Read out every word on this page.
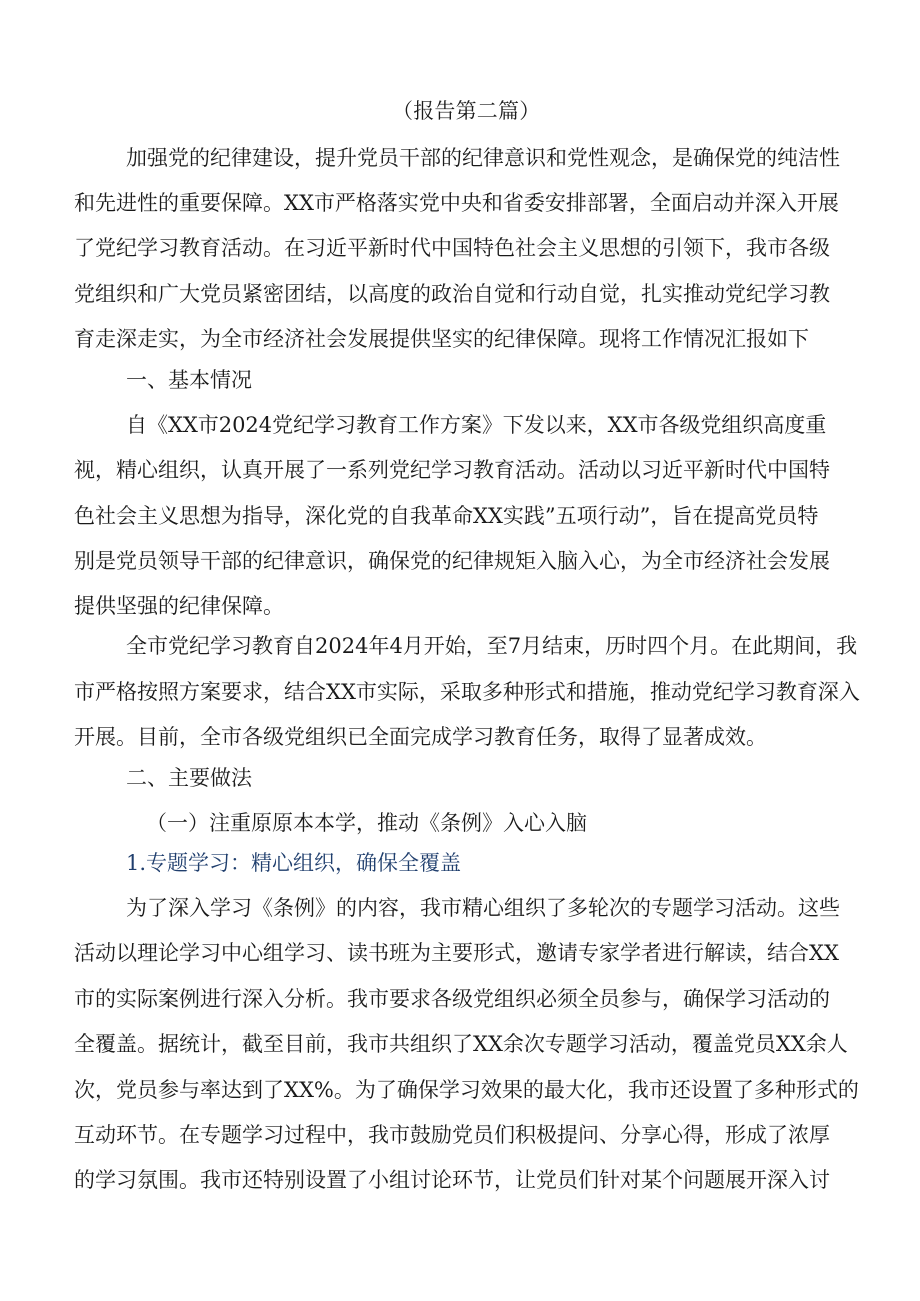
（报告第二篇）
加强党的纪律建设，提升党员干部的纪律意识和党性观念，是确保党的纯洁性
和先进性的重要保障。XX市严格落实党中央和省委安排部署，全面启动并深入开展
了党纪学习教育活动。在习近平新时代中国特色社会主义思想的引领下，我市各级
党组织和广大党员紧密团结，以高度的政治自觉和行动自觉，扎实推动党纪学习教
育走深走实，为全市经济社会发展提供坚实的纪律保障。现将工作情况汇报如下
一、基本情况
自《XX市2024党纪学习教育工作方案》下发以来，XX市各级党组织高度重
视，精心组织，认真开展了一系列党纪学习教育活动。活动以习近平新时代中国特
色社会主义思想为指导，深化党的自我革命XX实践”五项行动”，旨在提高党员特
别是党员领导干部的纪律意识，确保党的纪律规矩入脑入心，为全市经济社会发展
提供坚强的纪律保障。
全市党纪学习教育自2024年4月开始，至7月结束，历时四个月。在此期间，我
市严格按照方案要求，结合XX市实际，采取多种形式和措施，推动党纪学习教育深入
开展。目前，全市各级党组织已全面完成学习教育任务，取得了显著成效。
二、主要做法
（一）注重原原本本学，推动《条例》入心入脑
1.专题学习：精心组织，确保全覆盖
为了深入学习《条例》的内容，我市精心组织了多轮次的专题学习活动。这些
活动以理论学习中心组学习、读书班为主要形式，邀请专家学者进行解读，结合XX
市的实际案例进行深入分析。我市要求各级党组织必须全员参与，确保学习活动的
全覆盖。据统计，截至目前，我市共组织了XX余次专题学习活动，覆盖党员XX余人
次，党员参与率达到了XX%。为了确保学习效果的最大化，我市还设置了多种形式的
互动环节。在专题学习过程中，我市鼓励党员们积极提问、分享心得，形成了浓厚
的学习氛围。我市还特别设置了小组讨论环节，让党员们针对某个问题展开深入讨
